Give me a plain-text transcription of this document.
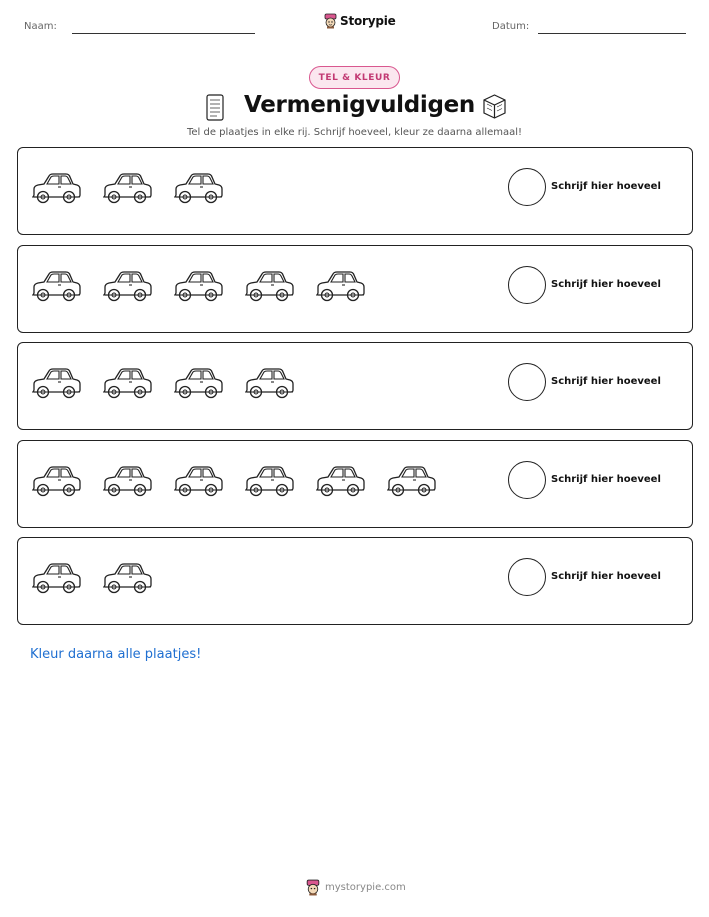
Naam:	Storypie	Datum:
TEL & KLEUR
Vermenigvuldigen
Tel de plaatjes in elke rij. Schrijf hoeveel, kleur ze daarna allemaal!
Schrijf hier hoeveel
Schrijf hier hoeveel
Schrijf hier hoeveel
Schrijf hier hoeveel
Schrijf hier hoeveel
Kleur daarna alle plaatjes!
mystorypie.com
